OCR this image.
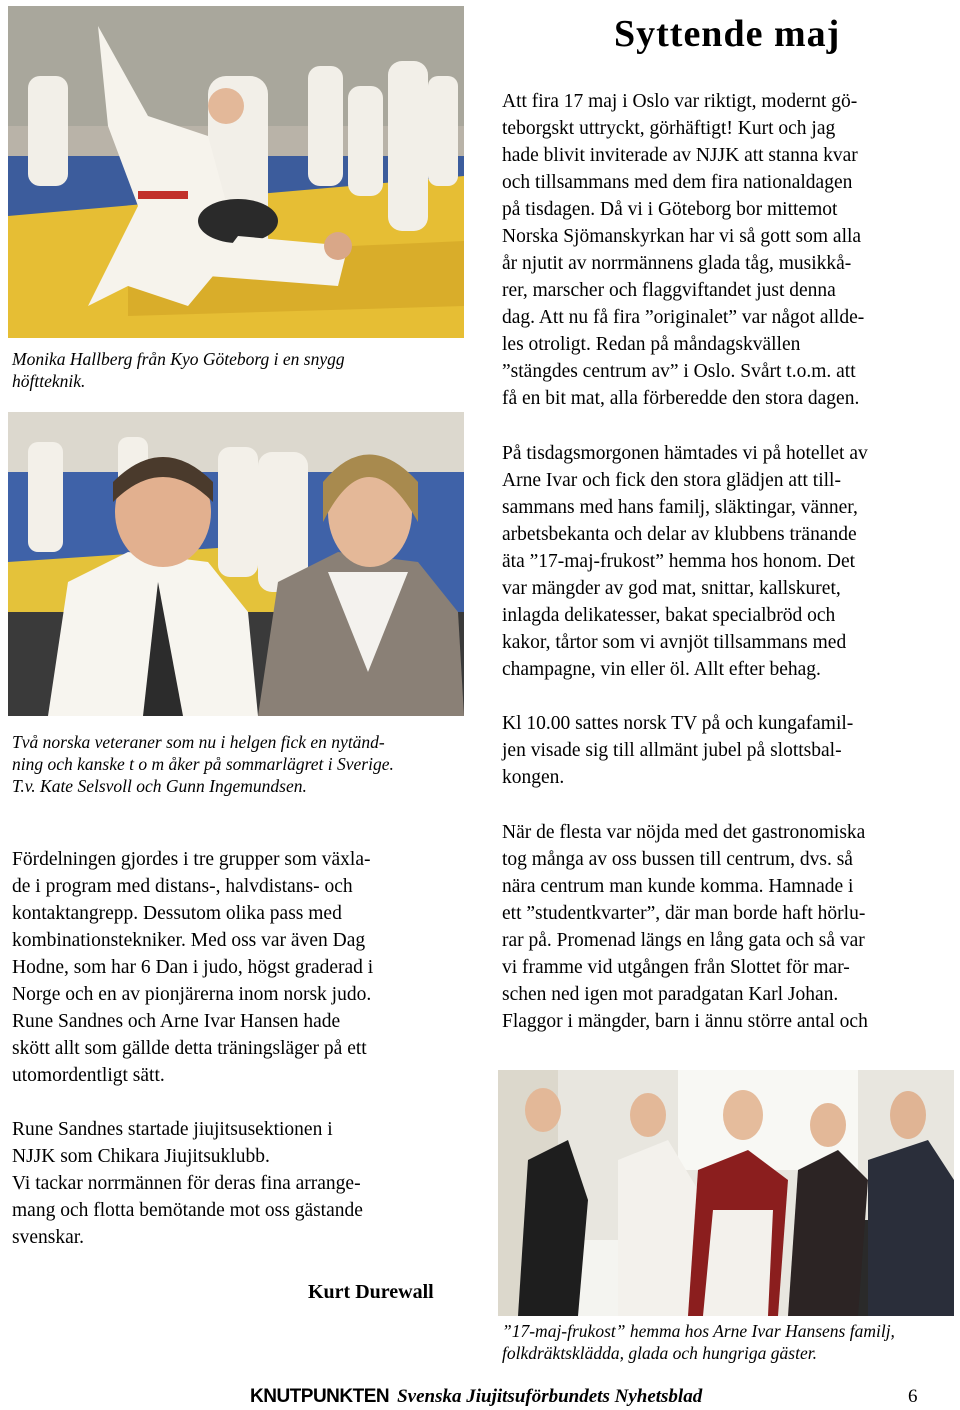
Monika Hallberg från Kyo Göteborg i en snygg
höftteknik.
Syttende maj

Att fira 17 maj i Oslo var riktigt, modernt gö-
teborgskt uttryckt, görhäftigt! Kurt och jag
hade blivit inviterade av NJJK att stanna kvar
och tillsammans med dem fira nationaldagen
på tisdagen. Då vi i Göteborg bor mittemot
Norska Sjömanskyrkan har vi så gott som alla
år njutit av norrmännens glada tåg, musikkå-
rer, marscher och flaggviftandet just denna
dag. Att nu få fira ”originalet” var något allde-
les otroligt. Redan på måndagskvällen
”stängdes centrum av” i Oslo. Svårt t.o.m. att
få en bit mat, alla förberedde den stora dagen.

På tisdagsmorgonen hämtades vi på hotellet av
Arne Ivar och fick den stora glädjen att till-
sammans med hans familj, släktingar, vänner,
arbetsbekanta och delar av klubbens tränande
äta ”17-maj-frukost” hemma hos honom. Det
var mängder av god mat, snittar, kallskuret,
inlagda delikatesser, bakat specialbröd och
kakor, tårtor som vi avnjöt tillsammans med
champagne, vin eller öl. Allt efter behag.

Kl 10.00 sattes norsk TV på och kungafamil-
jen visade sig till allmänt jubel på slottsbal-
kongen.

När de flesta var nöjda med det gastronomiska
tog många av oss bussen till centrum, dvs. så
nära centrum man kunde komma. Hamnade i
ett ”studentkvarter”, där man borde haft hörlu-
rar på. Promenad längs en lång gata och så var
vi framme vid utgången från Slottet för mar-
schen ned igen mot paradgatan Karl Johan.
Flaggor i mängder, barn i ännu större antal och

Två norska veteraner som nu i helgen fick en nytänd-
ning och kanske t o m åker på sommarlägret i Sverige.
T.v. Kate Selsvoll och Gunn Ingemundsen.

Fördelningen gjordes i tre grupper som växla-
de i program med distans-, halvdistans- och
kontaktangrepp. Dessutom olika pass med
kombinationstekniker. Med oss var även Dag
Hodne, som har 6 Dan i judo, högst graderad i
Norge och en av pionjärerna inom norsk judo.
Rune Sandnes och Arne Ivar Hansen hade
skött allt som gällde detta träningsläger på ett
utomordentligt sätt.

Rune Sandnes startade jiujitsusektionen i
NJJK som Chikara Jiujitsuklubb.
Vi tackar norrmännen för deras fina arrange-
mang och flotta bemötande mot oss gästande
svenskar.

Kurt Durewall
”17-maj-frukost” hemma hos Arne Ivar Hansens familj,
folkdräktsklädda, glada och hungriga gäster.
KNUTPUNKTEN Svenska Jiujitsuförbundets Nyhetsblad	6
